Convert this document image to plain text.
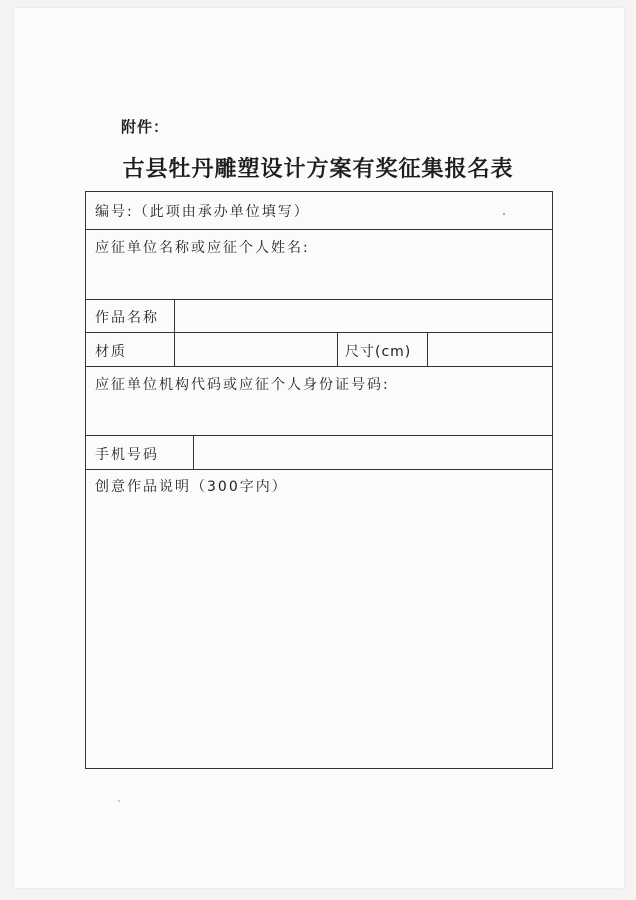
附件：
古县牡丹雕塑设计方案有奖征集报名表
编号:（此项由承办单位填写）
应征单位名称或应征个人姓名:
作品名称
材质	尺寸(cm)
应征单位机构代码或应征个人身份证号码:
手机号码
创意作品说明（300字内）
